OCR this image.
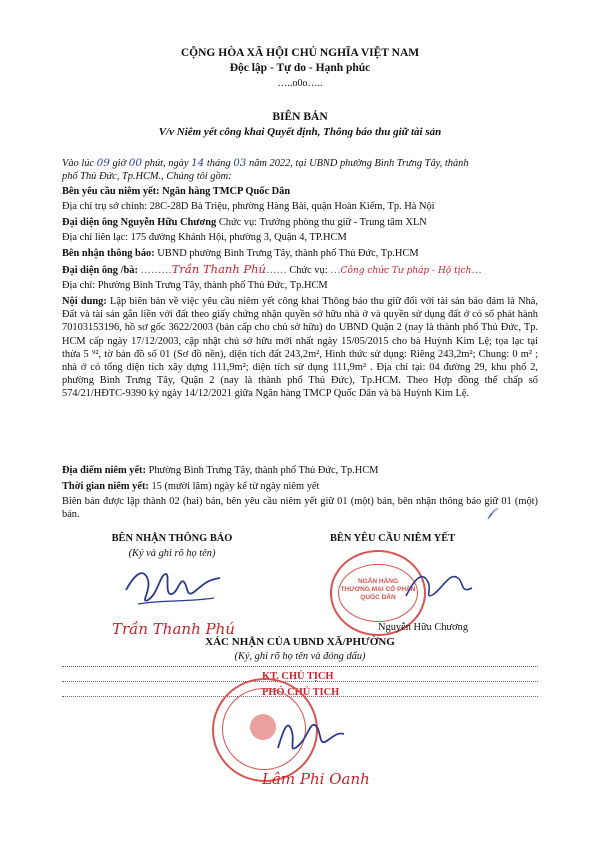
CỘNG HÒA XÃ HỘI CHỦ NGHĨA VIỆT NAM
Độc lập - Tự do - Hạnh phúc
…..o0o…..
BIÊN BẢN
V/v Niêm yết công khai Quyết định, Thông báo thu giữ tài sản
Vào lúc 09 giờ 00 phút, ngày 14 tháng 03 năm 2022, tại UBND phường Bình Trưng Tây, thành
phố Thủ Đức, Tp.HCM., Chúng tôi gồm:
Bên yêu cầu niêm yết: Ngân hàng TMCP Quốc Dân
Địa chỉ trụ sở chính: 28C-28D Bà Triệu, phường Hàng Bài, quận Hoàn Kiếm, Tp. Hà Nội
Đại diện ông Nguyễn Hữu Chương Chức vụ: Trưởng phòng thu giữ - Trung tâm XLN
Địa chỉ liên lạc: 175 đường Khánh Hội, phường 3, Quận 4, TP.HCM
Bên nhận thông báo: UBND phường Bình Trưng Tây, thành phố Thủ Đức, Tp.HCM
Đại diện ông /bà: ………Trần Thanh Phú…… Chức vụ: …Công chức Tư pháp - Hộ tịch…
Địa chỉ: Phường Bình Trưng Tây, thành phố Thủ Đức, Tp.HCM
Nội dung: Lập biên bản về việc yêu cầu niêm yết công khai Thông báo thu giữ đối với tài sản bảo đảm là Nhà, Đất và tài sản gắn liền với đất theo giấy chứng nhận quyền sở hữu nhà ở và quyền sử dụng đất ở có số phát hành 70103153196, hồ sơ gốc 3622/2003 (bản cấp cho chủ sở hữu) do UBND Quận 2 (nay là thành phố Thủ Đức, Tp. HCM cấp ngày 17/12/2003, cập nhật chủ sở hữu mới nhất ngày 15/05/2015 cho bà Huỳnh Kim Lệ; tọa lạc tại thửa 5 ⁹², tờ bản đồ số 01 (Sơ đồ nền), diện tích đất 243,2m², Hình thức sử dụng: Riêng 243,2m²; Chung: 0 m² ; nhà ở có tổng diện tích xây dựng 111,9m²; diện tích sử dụng 111,9m² . Địa chỉ tại: 04 đường 29, khu phố 2, phường Bình Trưng Tây, Quận 2 (nay là thành phố Thủ Đức), Tp.HCM. Theo Hợp đồng thế chấp số 574/21/HĐTC-9390 ký ngày 14/12/2021 giữa Ngân hàng TMCP Quốc Dân và bà Huỳnh Kim Lệ.
Địa điểm niêm yết: Phường Bình Trưng Tây, thành phố Thủ Đức, Tp.HCM
Thời gian niêm yết: 15 (mười lăm) ngày kể từ ngày niêm yết
Biên bản được lập thành 02 (hai) bản, bên yêu cầu niêm yết giữ 01 (một) bản, bên nhận thông báo giữ 01 (một) bản.
BÊN NHẬN THÔNG BÁO
(Ký và ghi rõ họ tên)
Trần Thanh Phú
BÊN YÊU CẦU NIÊM YẾT
NGÂN HÀNG
THƯƠNG MẠI CỔ PHẦN
QUỐC DÂN
Nguyễn Hữu Chương
XÁC NHẬN CỦA UBND XÃ/PHƯỜNG
(Ký, ghi rõ họ tên và đóng dấu)
KT. CHỦ TỊCH
PHÓ CHỦ TỊCH
Lâm Phi Oanh
𝒻
